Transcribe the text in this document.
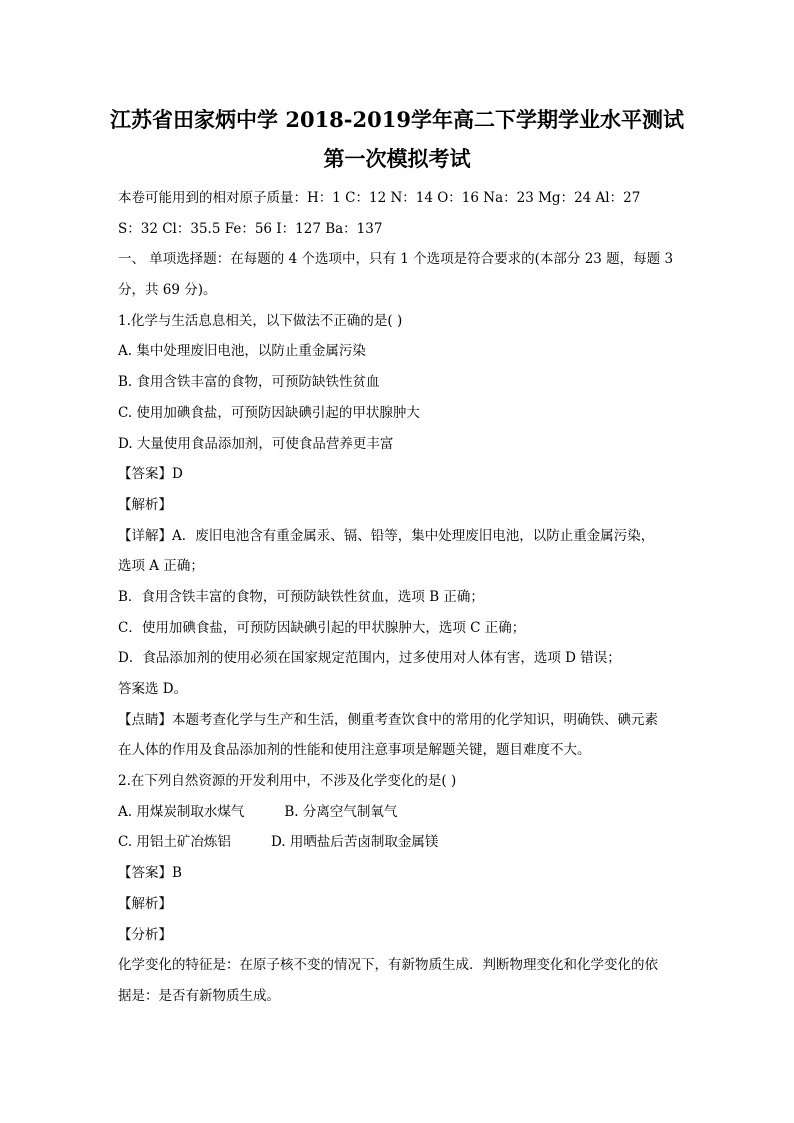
江苏省田家炳中学 2018-2019学年高二下学期学业水平测试
第一次模拟考试
本卷可能用到的相对原子质量：H：1 C：12 N：14 O：16 Na：23 Mg：24 Al：27
S：32 Cl：35.5 Fe：56 I：127 Ba：137
一、 单项选择题：在每题的 4 个选项中，只有 1 个选项是符合要求的(本部分 23 题，每题 3
分，共 69 分)。
1.化学与生活息息相关，以下做法不正确的是( )
A. 集中处理废旧电池，以防止重金属污染
B. 食用含铁丰富的食物，可预防缺铁性贫血
C. 使用加碘食盐，可预防因缺碘引起的甲状腺肿大
D. 大量使用食品添加剂，可使食品营养更丰富
【答案】D
【解析】
【详解】A．废旧电池含有重金属汞、镉、铅等，集中处理废旧电池，以防止重金属污染，
选项 A 正确；
B．食用含铁丰富的食物，可预防缺铁性贫血，选项 B 正确；
C．使用加碘食盐，可预防因缺碘引起的甲状腺肿大，选项 C 正确；
D．食品添加剂的使用必须在国家规定范围内，过多使用对人体有害，选项 D 错误；
答案选 D。
【点睛】本题考查化学与生产和生活，侧重考查饮食中的常用的化学知识，明确铁、碘元素
在人体的作用及食品添加剂的性能和使用注意事项是解题关键，题目难度不大。
2.在下列自然资源的开发利用中，不涉及化学变化的是( )
A. 用煤炭制取水煤气	B. 分离空气制氧气
C. 用铝土矿冶炼铝	D. 用晒盐后苦卤制取金属镁
【答案】B
【解析】
【分析】
化学变化的特征是：在原子核不变的情况下，有新物质生成．判断物理变化和化学变化的依
据是：是否有新物质生成。
